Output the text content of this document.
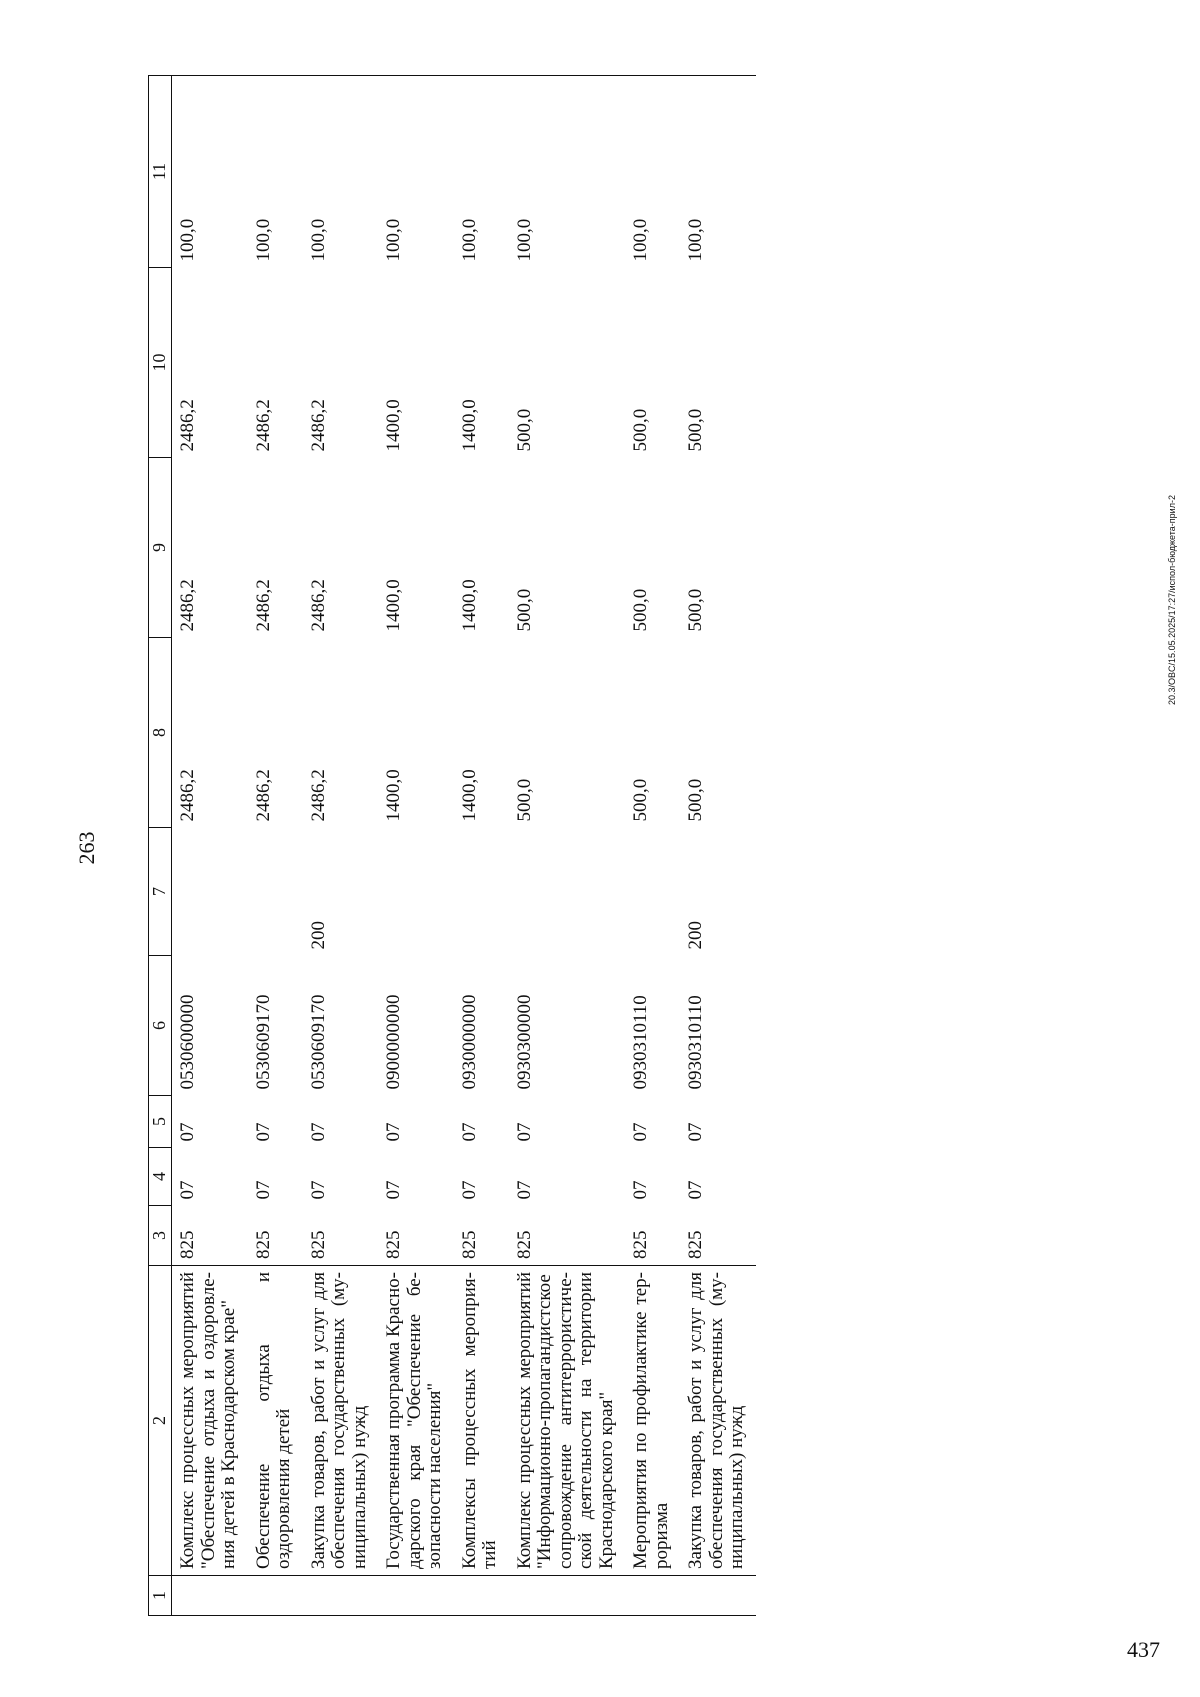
263
1	2	3	4	5	6	7	8	9	10	11
	Комплекс процессных мероприятий "Обеспечение отдыха и оздоровле-ния детей в Краснодарском крае"	825	07	07	0530600000		2486,2	2486,2	2486,2	100,0
	Обеспечение отдыха и оздоровления детей	825	07	07	0530609170		2486,2	2486,2	2486,2	100,0
	Закупка товаров, работ и услуг для обеспечения государственных (му-ниципальных) нужд	825	07	07	0530609170	200	2486,2	2486,2	2486,2	100,0
	Государственная программа Красно-дарского края "Обеспечение бе-зопасности населения"	825	07	07	0900000000		1400,0	1400,0	1400,0	100,0
	Комплексы процессных мероприя-тий	825	07	07	0930000000		1400,0	1400,0	1400,0	100,0
	Комплекс процессных мероприятий "Информационно-пропагандистское сопровождение антитеррористиче-ской деятельности на территории Краснодарского края"	825	07	07	0930300000		500,0	500,0	500,0	100,0
	Мероприятия по профилактике тер-роризма	825	07	07	0930310110		500,0	500,0	500,0	100,0
	Закупка товаров, работ и услуг для обеспечения государственных (му-ниципальных) нужд	825	07	07	0930310110	200	500,0	500,0	500,0	100,0
20.3/OBC/15.05.2025/17:27/испол-бюджета-прил-2
437
